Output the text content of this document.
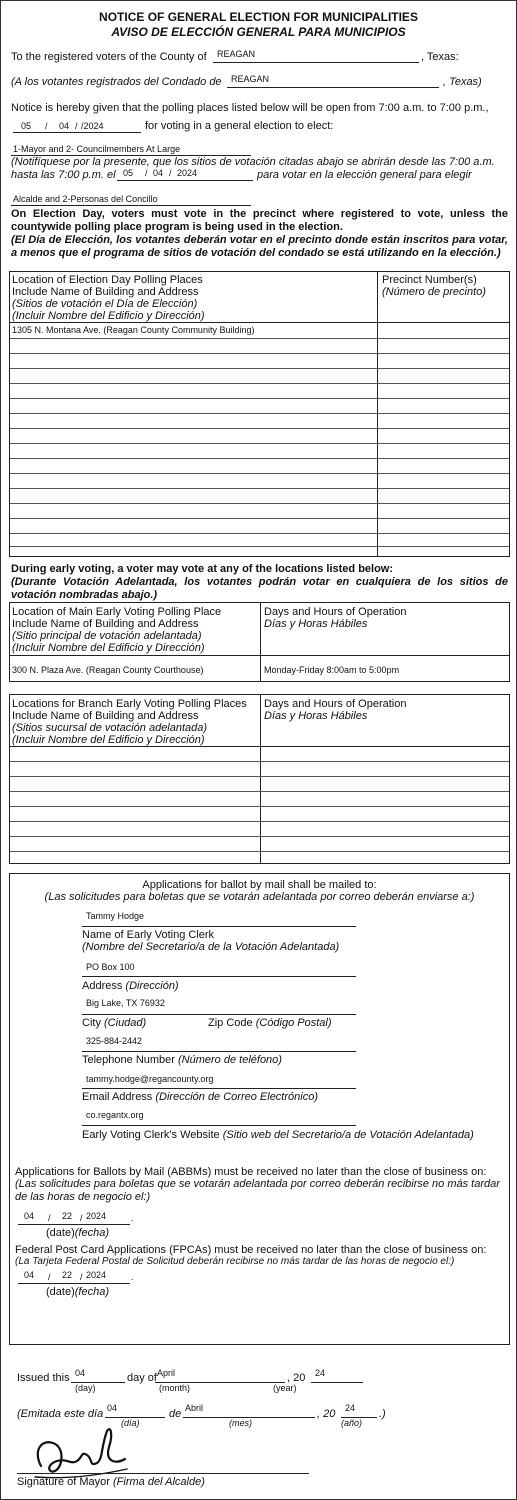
NOTICE OF GENERAL ELECTION FOR MUNICIPALITIES
AVISO DE ELECCIÓN GENERAL PARA MUNICIPIOS
To the registered voters of the County of REAGAN	, Texas:
(A los votantes registrados del Condado de REAGAN	, Texas)
Notice is hereby given that the polling places listed below will be open from 7:00 a.m. to 7:00 p.m.,
05 / 04 / /2024	for voting in a general election to elect:
1-Mayor and 2- Councilmembers At Large
(Notifíquese por la presente, que los sitios de votación citadas abajo se abrirán desde las 7:00 a.m.
hasta las 7:00 p.m. el 05 / 04 / 2024	para votar en la elección general para elegir
Alcalde and 2-Personas del Concillo
On Election Day, voters must vote in the precinct where registered to vote, unless the countywide polling place program is being used in the election.
(El Día de Elección, los votantes deberán votar en el precinto donde están inscritos para votar, a menos que el programa de sitios de votación del condado se está utilizando en la elección.)
Location of Election Day Polling Places
Include Name of Building and Address
(Sitios de votación el Día de Elección)
(Incluir Nombre del Edificio y Dirección)
Precinct Number(s)
(Número de precinto)
1305 N. Montana Ave. (Reagan County Community Building)
During early voting, a voter may vote at any of the locations listed below:
(Durante Votación Adelantada, los votantes podrán votar en cualquiera de los sitios de votación nombradas abajo.)
Location of Main Early Voting Polling Place
Include Name of Building and Address
(Sitio principal de votación adelantada)
(Incluir Nombre del Edificio y Dirección)
Days and Hours of Operation
Días y Horas Hábiles
300 N. Plaza Ave. (Reagan County Courthouse)	Monday-Friday 8:00am to 5:00pm
Locations for Branch Early Voting Polling Places
Include Name of Building and Address
(Sitios sucursal de votación adelantada)
(Incluir Nombre del Edificio y Dirección)
Days and Hours of Operation
Días y Horas Hábiles
Applications for ballot by mail shall be mailed to:
(Las solicitudes para boletas que se votarán adelantada por correo deberán enviarse a:)
Tammy Hodge
Name of Early Voting Clerk
(Nombre del Secretario/a de la Votación Adelantada)
PO Box 100
Address (Dirección)
Big Lake, TX 76932
City (Ciudad)	Zip Code (Código Postal)
325-884-2442
Telephone Number (Número de teléfono)
tammy.hodge@regancounty.org
Email Address (Dirección de Correo Electrónico)
co.regantx.org
Early Voting Clerk's Website (Sitio web del Secretario/a de Votación Adelantada)
Applications for Ballots by Mail (ABBMs) must be received no later than the close of business on:
(Las solicitudes para boletas que se votarán adelantada por correo deberán recibirse no más tardar de las horas de negocio el:)
04 / 22 / 2024	.
(date)(fecha)
Federal Post Card Applications (FPCAs) must be received no later than the close of business on:
(La Tarjeta Federal Postal de Solicitud deberán recibirse no más tardar de las horas de negocio el:)
04 / 22 / 2024	.
(date)(fecha)
Issued this 04	day of April	, 20 24
(day)	(month)	(year)
(Emitada este día 04	de Abril	, 20 24 .)
(día)	(mes)	(año)
Signature of Mayor (Firma del Alcalde)
